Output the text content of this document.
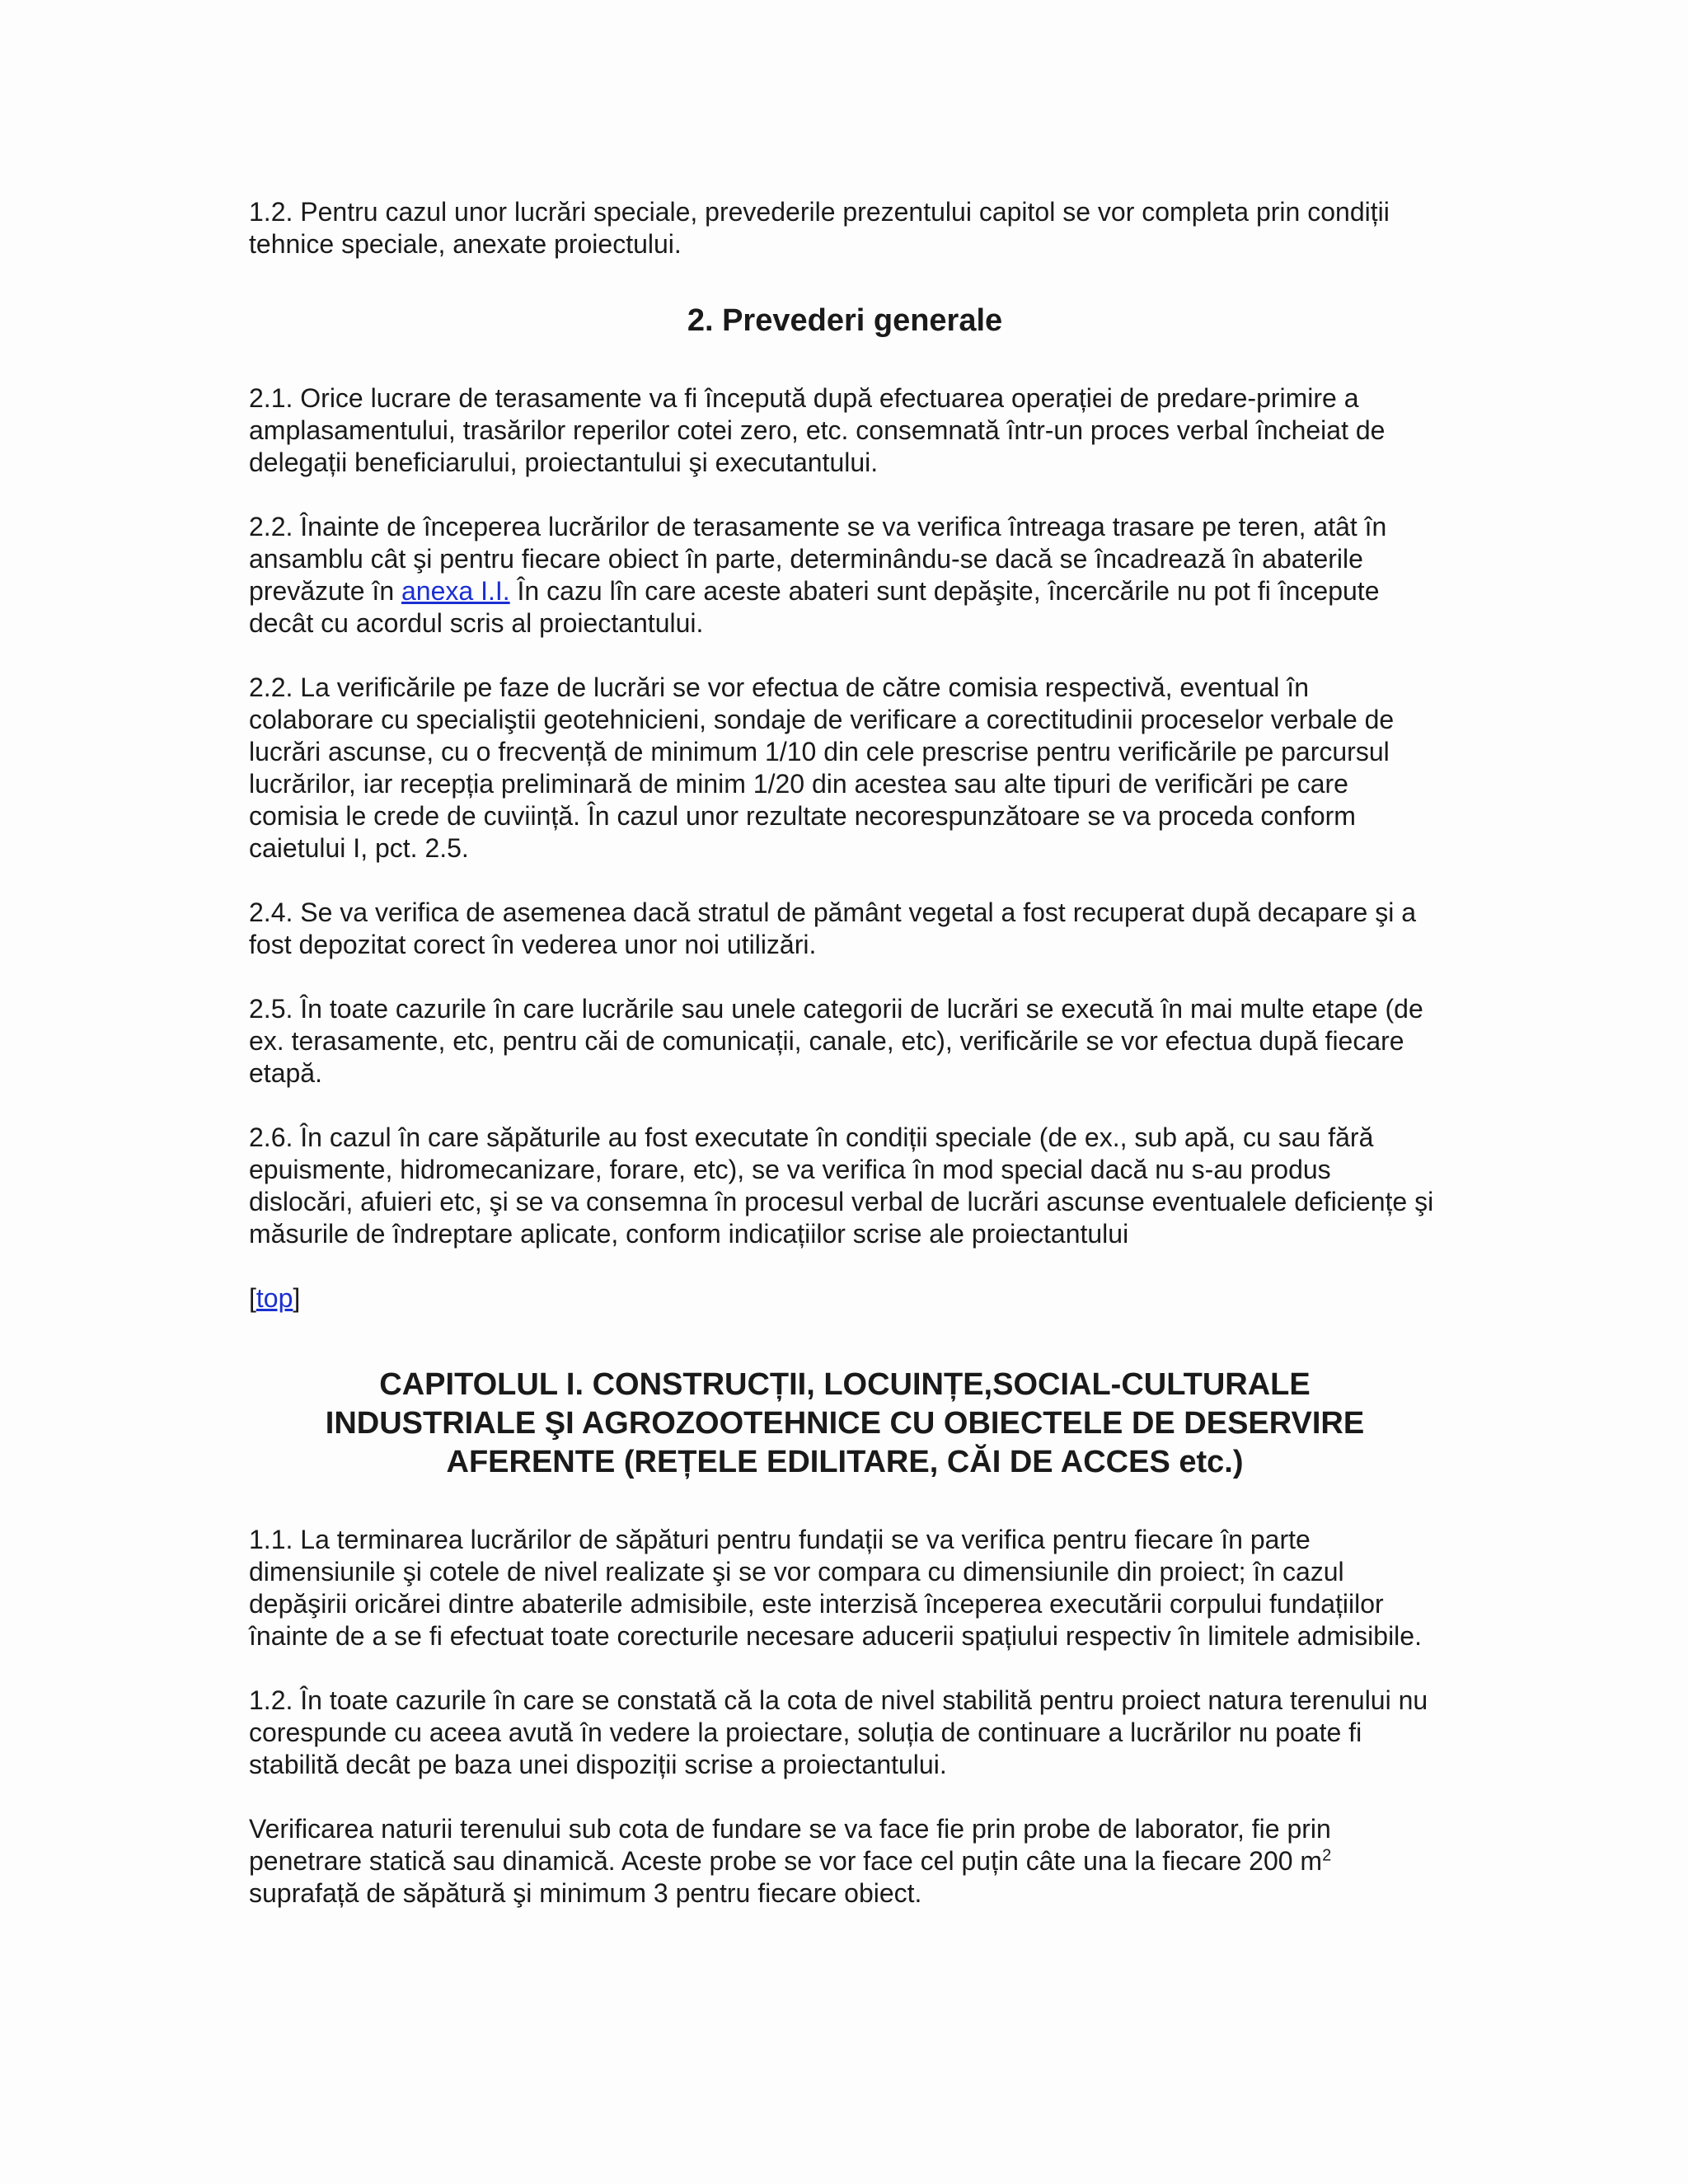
1.2. Pentru cazul unor lucrări speciale, prevederile prezentului capitol se vor completa prin condiții tehnice speciale, anexate proiectului.

2. Prevederi generale

2.1. Orice lucrare de terasamente va fi începută după efectuarea operației de predare-primire a amplasamentului, trasărilor reperilor cotei zero, etc. consemnată într-un proces verbal încheiat de delegații beneficiarului, proiectantului şi executantului.

2.2. Înainte de începerea lucrărilor de terasamente se va verifica întreaga trasare pe teren, atât în ansamblu cât şi pentru fiecare obiect în parte, determinându-se dacă se încadrează în abaterile prevăzute în anexa I.I. În cazu lîn care aceste abateri sunt depăşite, încercările nu pot fi începute decât cu acordul scris al proiectantului.

2.2. La verificările pe faze de lucrări se vor efectua de către comisia respectivă, eventual în colaborare cu specialiştii geotehnicieni, sondaje de verificare a corectitudinii proceselor verbale de lucrări ascunse, cu o frecvență de minimum 1/10 din cele prescrise pentru verificările pe parcursul lucrărilor, iar recepția preliminară de minim 1/20 din acestea sau alte tipuri de verificări pe care comisia le crede de cuviință. În cazul unor rezultate necorespunzătoare se va proceda conform caietului I, pct. 2.5.

2.4. Se va verifica de asemenea dacă stratul de pământ vegetal a fost recuperat după decapare şi a fost depozitat corect în vederea unor noi utilizări.

2.5. În toate cazurile în care lucrările sau unele categorii de lucrări se execută în mai multe etape (de ex. terasamente, etc, pentru căi de comunicații, canale, etc), verificările se vor efectua după fiecare etapă.

2.6. În cazul în care săpăturile au fost executate în condiții speciale (de ex., sub apă, cu sau fără epuismente, hidromecanizare, forare, etc), se va verifica în mod special dacă nu s-au produs dislocări, afuieri etc, şi se va consemna în procesul verbal de lucrări ascunse eventualele deficiențe şi măsurile de îndreptare aplicate, conform indicațiilor scrise ale proiectantului

[top]
CAPITOLUL I. CONSTRUCȚII, LOCUINȚE,SOCIAL-CULTURALE
INDUSTRIALE ŞI AGROZOOTEHNICE CU OBIECTELE DE DESERVIRE
AFERENTE (REȚELE EDILITARE, CĂI DE ACCES etc.)

1.1. La terminarea lucrărilor de săpături pentru fundații se va verifica pentru fiecare în parte dimensiunile şi cotele de nivel realizate şi se vor compara cu dimensiunile din proiect; în cazul depăşirii oricărei dintre abaterile admisibile, este interzisă începerea executării corpului fundațiilor înainte de a se fi efectuat toate corecturile necesare aducerii spațiului respectiv în limitele admisibile.

1.2. În toate cazurile în care se constată că la cota de nivel stabilită pentru proiect natura terenului nu corespunde cu aceea avută în vedere la proiectare, soluția de continuare a lucrărilor nu poate fi stabilită decât pe baza unei dispoziții scrise a proiectantului.

Verificarea naturii terenului sub cota de fundare se va face fie prin probe de laborator, fie prin penetrare statică sau dinamică. Aceste probe se vor face cel puțin câte una la fiecare 200 $m^2$ suprafață de săpătură şi minimum 3 pentru fiecare obiect.
